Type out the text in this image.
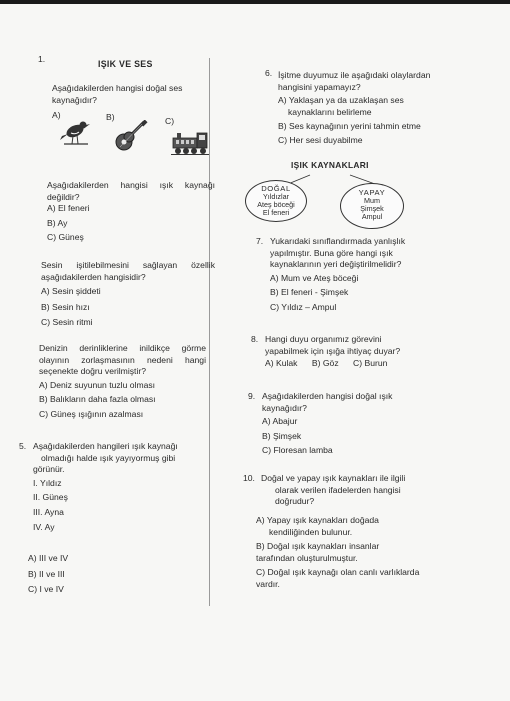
IŞIK VE SES
1.
Aşağıdakilerden hangisi doğal ses
kaynağıdır?
A)	B)	C)
Aşağıdakilerden hangisi ışık kaynağı
değildir?
A) El feneri
B) Ay
C) Güneş
Sesin işitilebilmesini sağlayan özellik
aşağıdakilerden hangisidir?
A) Sesin şiddeti
B) Sesin hızı
C) Sesin ritmi
Denizin derinliklerine inildikçe görme
olayının zorlaşmasının nedeni hangi
seçenekte doğru verilmiştir?
A) Deniz suyunun tuzlu olması
B) Balıkların daha fazla olması
C) Güneş ışığının azalması
5. Aşağıdakilerden hangileri ışık kaynağı
olmadığı halde ışık yayıyormuş gibi
görünür.
I. Yıldız
II. Güneş
III. Ayna
IV. Ay
A) III ve IV
B) II ve III
C) I ve IV
6. İşitme duyumuz ile aşağıdaki olaylardan
hangisini yapamayız?
A) Yaklaşan ya da uzaklaşan ses
kaynaklarını belirleme
B) Ses kaynağının yerini tahmin etme
C) Her sesi duyabilme
IŞIK KAYNAKLARI
DOĞAL
Yıldızlar
Ateş böceği
El feneri
YAPAY
Mum
Şimşek
Ampul
7. Yukarıdaki sınıflandırmada yanlışlık
yapılmıştır. Buna göre hangi ışık
kaynaklarının yeri değiştirilmelidir?
A) Mum ve Ateş böceği
B) El feneri - Şimşek
C) Yıldız – Ampul
8. Hangi duyu organımız görevini
yapabilmek için ışığa ihtiyaç duyar?
A) Kulak B) Göz C) Burun
9. Aşağıdakilerden hangisi doğal ışık
kaynağıdır?
A) Abajur
B) Şimşek
C) Floresan lamba
10. Doğal ve yapay ışık kaynakları ile ilgili
olarak verilen ifadelerden hangisi
doğrudur?
A) Yapay ışık kaynakları doğada
kendiliğinden bulunur.
B) Doğal ışık kaynakları insanlar
tarafından oluşturulmuştur.
C) Doğal ışık kaynağı olan canlı varlıklarda
vardır.
